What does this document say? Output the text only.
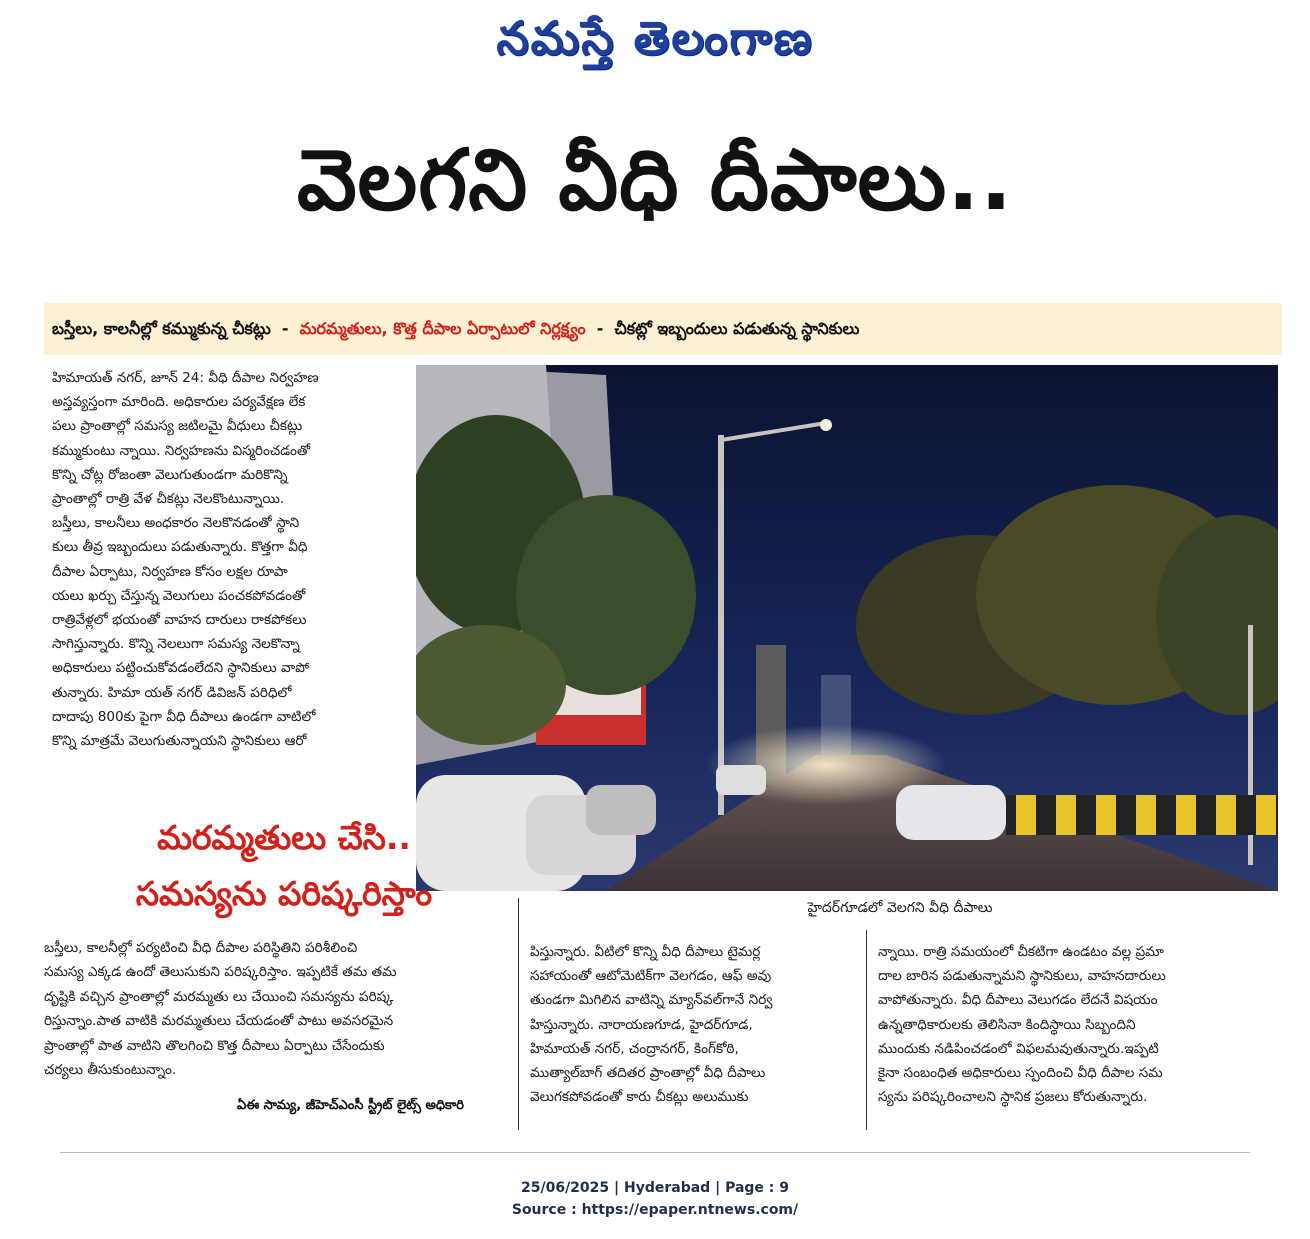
నమస్తే తెలంగాణ
వెలగని వీధి దీపాలు..
బస్తీలు, కాలనీల్లో కమ్ముకున్న చీకట్లు - మరమ్మతులు, కొత్త దీపాల ఏర్పాటులో నిర్లక్ష్యం - చీకట్లో ఇబ్బందులు పడుతున్న స్థానికులు

హిమాయత్ నగర్, జూన్ 24: వీధి దీపాల నిర్వహణ

అస్తవ్యస్తంగా మారింది. అధికారుల పర్యవేక్షణ లేక

పలు ప్రాంతాల్లో సమస్య జటిలమై వీధులు చీకట్లు

కమ్ముకుంటు న్నాయి. నిర్వహణను విస్మరించడంతో

కొన్ని చోట్ల రోజంతా వెలుగుతుండగా మరికొన్ని

ప్రాంతాల్లో రాత్రి వేళ చీకట్లు నెలకొంటున్నాయి.

బస్తీలు, కాలనీలు అంధకారం నెలకొనడంతో స్థాని

కులు తీవ్ర ఇబ్బందులు పడుతున్నారు. కొత్తగా వీధి

దీపాల ఏర్పాటు, నిర్వహణ కోసం లక్షల రూపా

యలు ఖర్చు చేస్తున్న వెలుగులు పంచకపోవడంతో

రాత్రివేళ్లలో భయంతో వాహన దారులు రాకపోకలు

సాగిస్తున్నారు. కొన్ని నెలలుగా సమస్య నెలకొన్నా

అధికారులు పట్టించుకోవడంలేదని స్థానికులు వాపో

తున్నారు. హిమా యత్ నగర్ డివిజన్ పరిధిలో

దాదాపు 800కు పైగా వీధి దీపాలు ఉండగా వాటిలో

కొన్ని మాత్రమే వెలుగుతున్నాయని స్థానికులు ఆరో

హైదర్‌గూడలో వెలగని వీధి దీపాలు
మరమ్మతులు చేసి..
సమస్యను పరిష్కరిస్తాం
బస్తీలు, కాలనీల్లో పర్యటించి వీధి దీపాల పరిస్థితిని పరిశీలించి
సమస్య ఎక్కడ ఉందో తెలుసుకుని పరిష్కరిస్తాం. ఇప్పటికే తమ తమ
దృష్టికి వచ్చిన ప్రాంతాల్లో మరమ్మతు లు చేయించి సమస్యను పరిష్క
రిస్తున్నాం.పాత వాటికి మరమ్మతులు చేయడంతో పాటు అవసరమైన
ప్రాంతాల్లో పాత వాటిని తొలగించి కొత్త దీపాలు ఏర్పాటు చేసేందుకు
చర్యలు తీసుకుంటున్నాం.
ఏఈ సామ్య, జీహెచ్ఎంసీ స్ట్రీట్ లైట్స్ అధికారి

పిస్తున్నారు. వీటిలో కొన్ని వీధి దీపాలు టైమర్ల

సహాయంతో ఆటోమెటిక్‌గా వెలగడం, ఆఫ్ అవు

తుండగా మిగిలిన వాటిన్ని మ్యాన్‌వల్‌గానే నిర్వ

హిస్తున్నారు. నారాయణగూడ, హైదర్‌గూడ,

హిమాయత్ నగర్, చంద్రానగర్, కింగ్‌కోఠి,

ముత్యాల్‌బాగ్ తదితర ప్రాంతాల్లో వీధి దీపాలు

వెలుగకపోవడంతో కారు చీకట్లు అలుముకు

న్నాయి. రాత్రి సమయంలో చీకటిగా ఉండటం వల్ల ప్రమా

దాల బారిన పడుతున్నామని స్థానికులు, వాహనదారులు

వాపోతున్నారు. వీధి దీపాలు వెలుగడం లేదనే విషయం

ఉన్నతాధికారులకు తెలిసినా కిందిస్థాయి సిబ్బందిని

ముందుకు నడిపించడంలో విఫలమవుతున్నారు.ఇప్పటి

కైనా సంబంధిత అధికారులు స్పందించి వీధి దీపాల సమ

స్యను పరిష్కరించాలని స్థానిక ప్రజలు కోరుతున్నారు.

25/06/2025 | Hyderabad | Page : 9
Source : https://epaper.ntnews.com/
